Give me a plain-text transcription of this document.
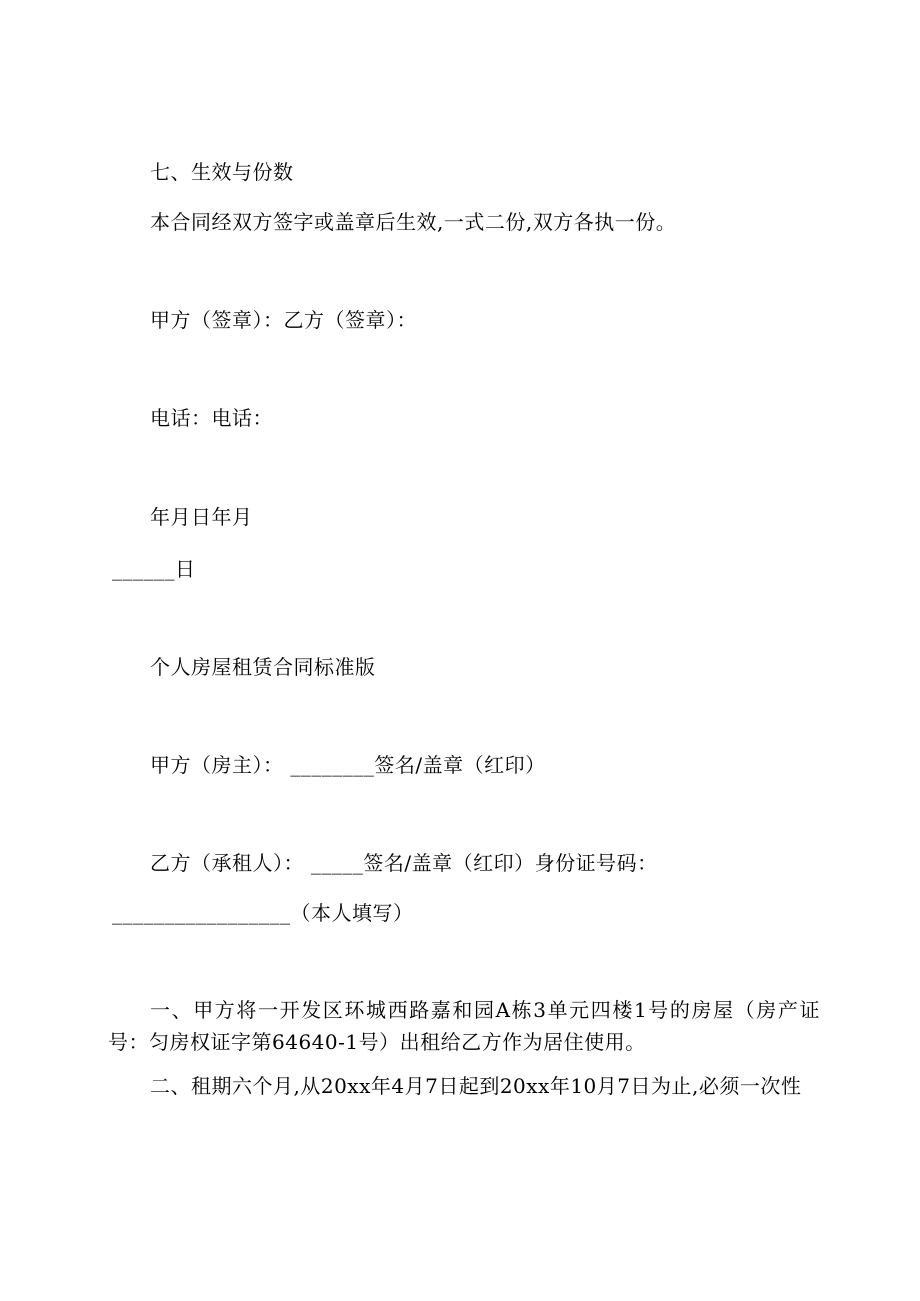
七、生效与份数
本合同经双方签字或盖章后生效,一式二份,双方各执一份。
甲方（签章）：乙方（签章）：
电话：电话：
年月日年月
______日
个人房屋租赁合同标准版
甲方（房主）： ________签名/盖章（红印）
乙方（承租人）： _____签名/盖章（红印）身份证号码：
_________________（本人填写）
一、甲方将一开发区环城西路嘉和园A栋3单元四楼1号的房屋（房产证号：匀房权证字第64640-1号）出租给乙方作为居住使用。
二、租期六个月,从20xx年4月7日起到20xx年10月7日为止,必须一次性
